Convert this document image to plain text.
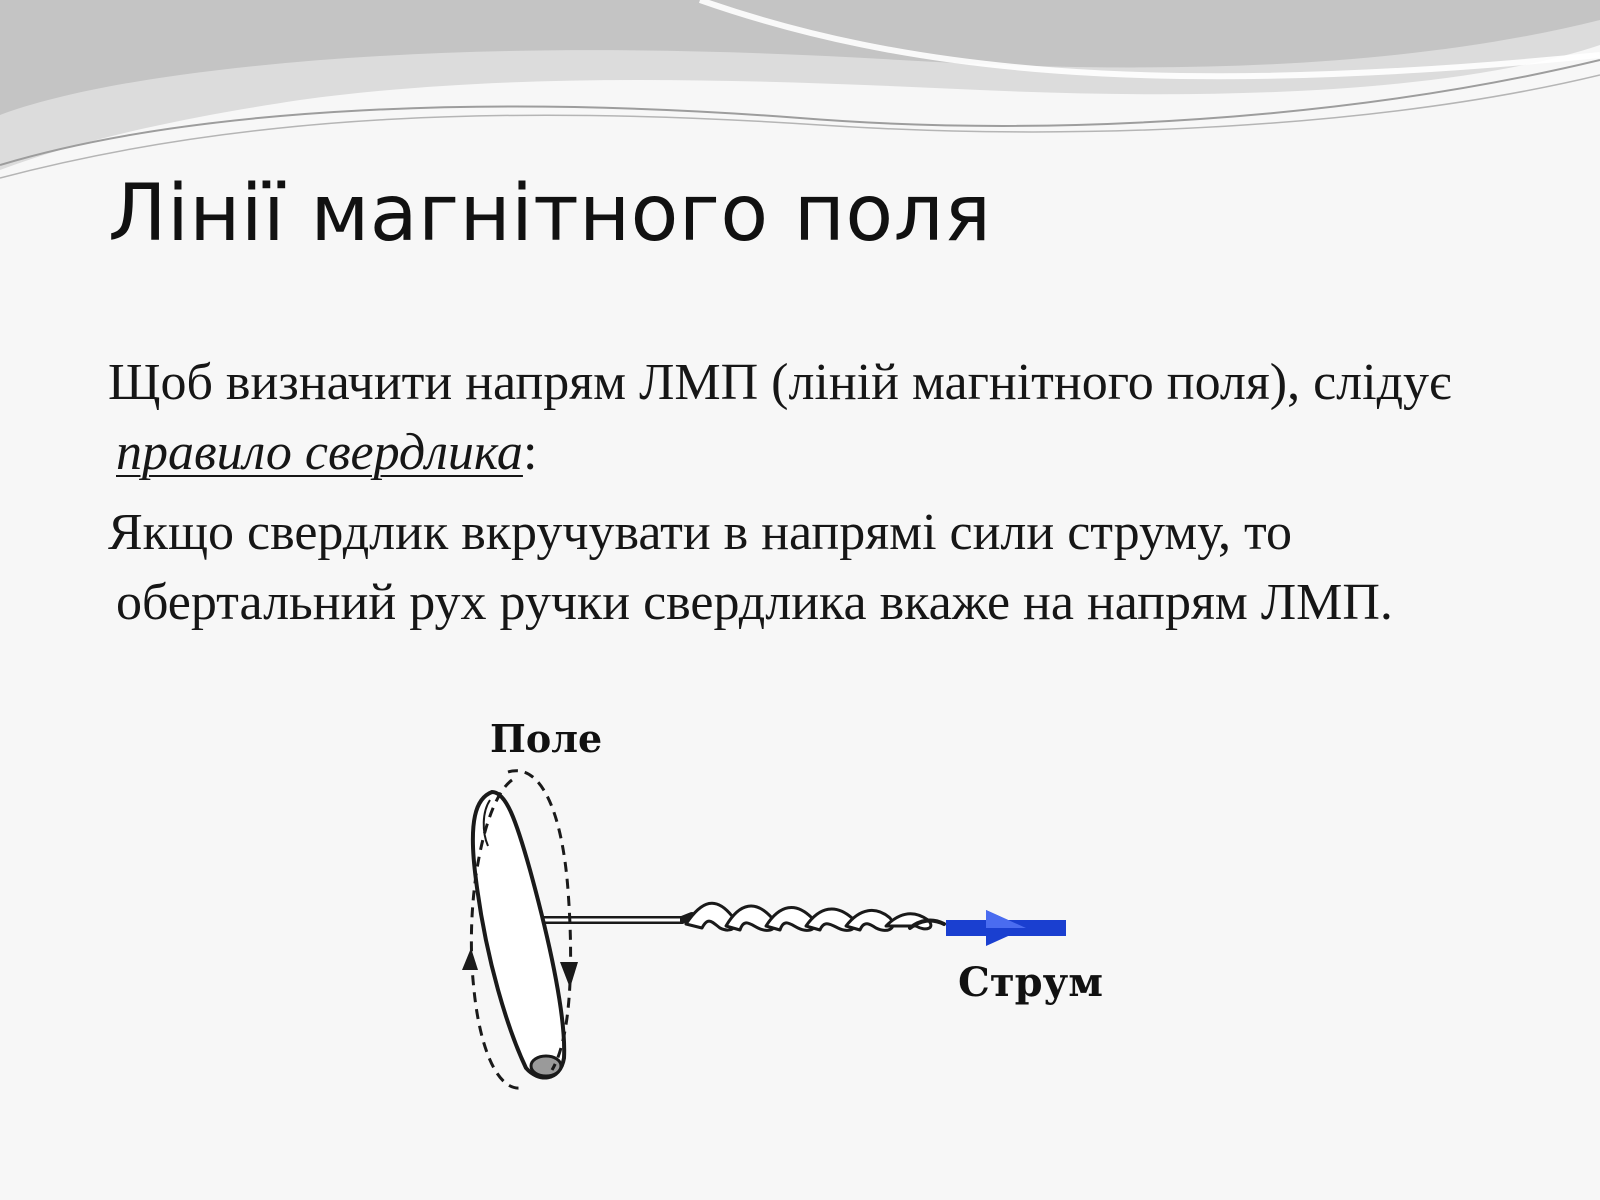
Лінії магнітного поля

Щоб визначити напрям ЛМП (ліній магнітного поля), слідує правило свердлика:

Якщо свердлик вкручувати в напрямі сили струму, то обертальний рух ручки свердлика вкаже на напрям ЛМП.

Поле
Струм
